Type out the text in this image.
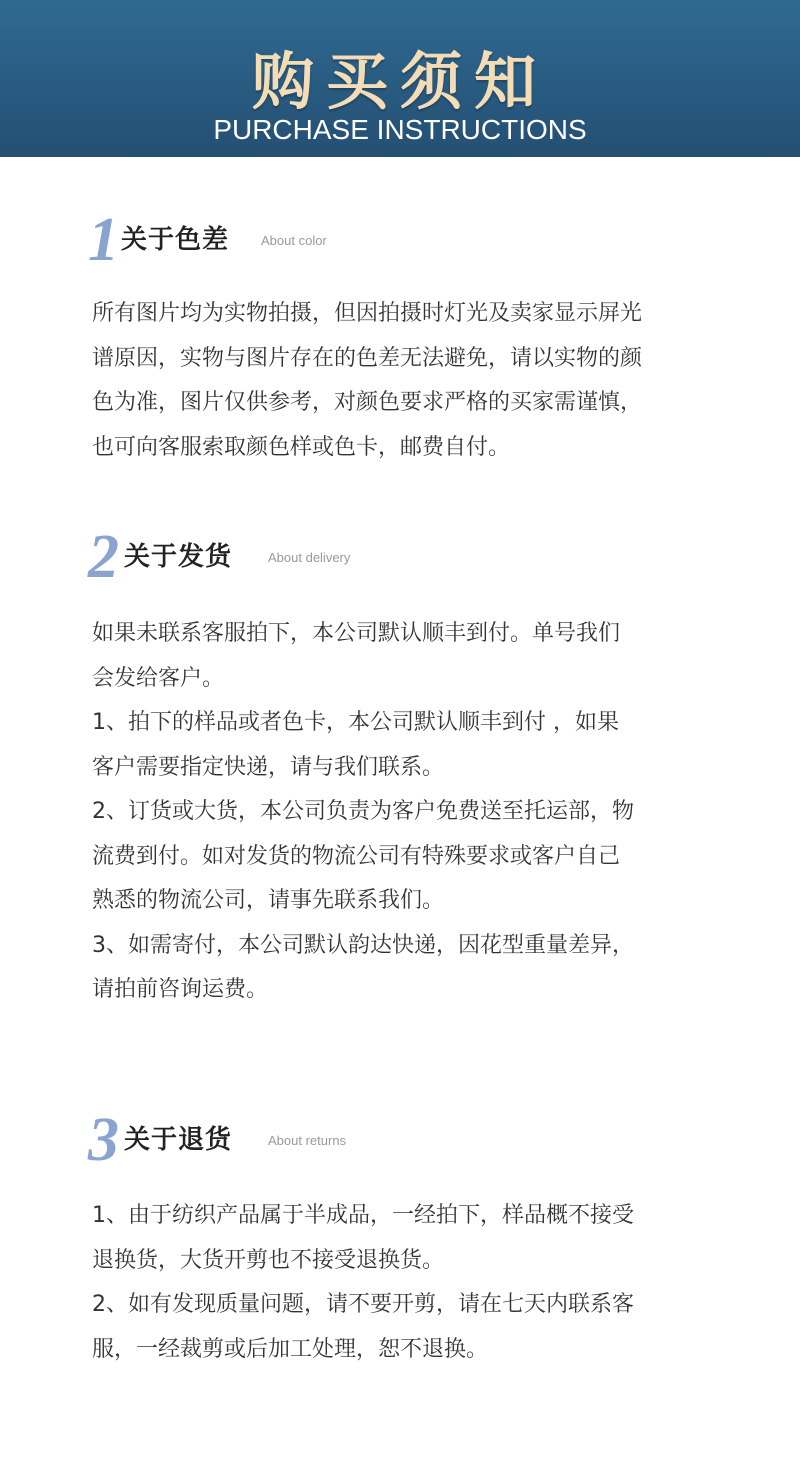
购买须知
PURCHASE INSTRUCTIONS
1 关于色差 About color
所有图片均为实物拍摄，但因拍摄时灯光及卖家显示屏光
谱原因，实物与图片存在的色差无法避免，请以实物的颜
色为准，图片仅供参考，对颜色要求严格的买家需谨慎，
也可向客服索取颜色样或色卡，邮费自付。
2 关于发货	About delivery
如果未联系客服拍下，本公司默认顺丰到付。单号我们
会发给客户。
1、拍下的样品或者色卡，本公司默认顺丰到付 ，如果
客户需要指定快递，请与我们联系。
2、订货或大货，本公司负责为客户免费送至托运部，物
流费到付。如对发货的物流公司有特殊要求或客户自己
熟悉的物流公司，请事先联系我们。
3、如需寄付，本公司默认韵达快递，因花型重量差异，
请拍前咨询运费。
3 关于退货	About returns
1、由于纺织产品属于半成品，一经拍下，样品概不接受
退换货，大货开剪也不接受退换货。
2、如有发现质量问题，请不要开剪，请在七天内联系客
服，一经裁剪或后加工处理，恕不退换。
